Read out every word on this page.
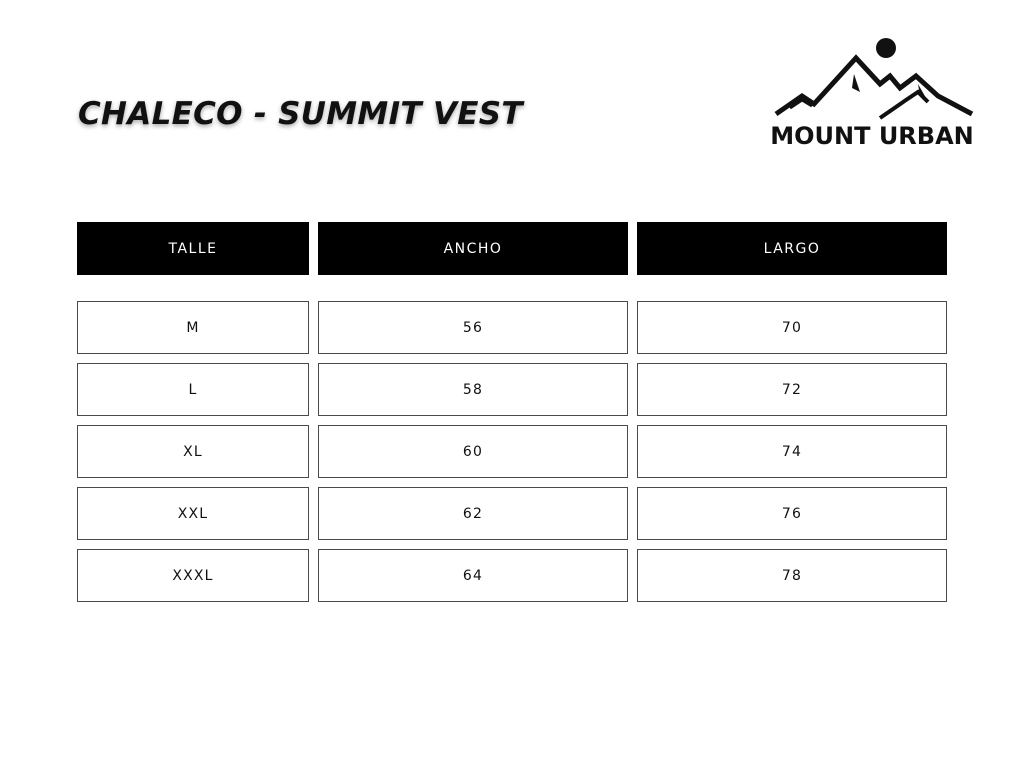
CHALECO - SUMMIT VEST
MOUNT URBAN
TALLE	ANCHO	LARGO
M	56	70
L	58	72
XL	60	74
XXL	62	76
XXXL	64	78
